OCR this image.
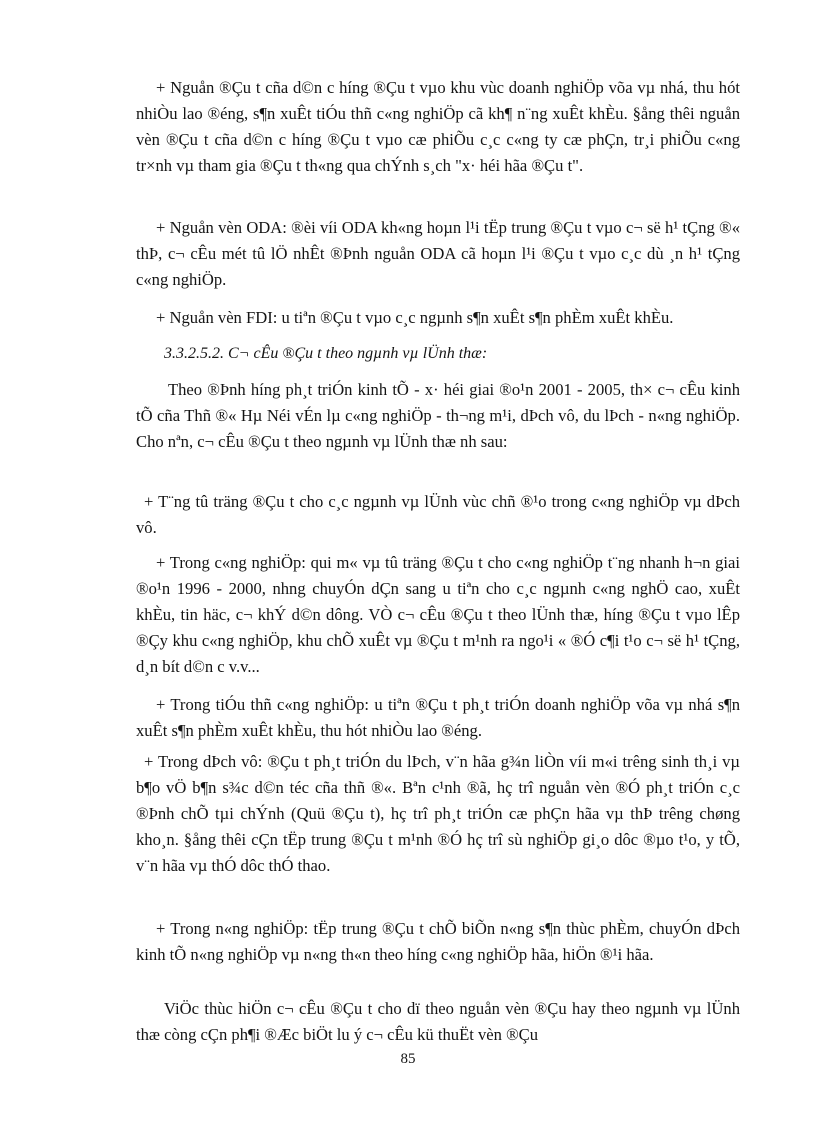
+ Nguån ®Çu t cña d©n c híng ®Çu t vµo khu vùc doanh nghiÖp võa vµ nhá, thu hót nhiÒu lao ®éng, s¶n xuÊt tiÓu thñ c«ng nghiÖp cã kh¶ n¨ng xuÊt khÈu. §ång thêi nguån vèn ®Çu t cña d©n c híng ®Çu t vµo cæ phiÕu c¸c c«ng ty cæ phÇn, tr¸i phiÕu c«ng tr×nh vµ tham gia ®Çu t th«ng qua chÝnh s¸ch "x· héi hãa ®Çu t".

+ Nguån vèn ODA: ®èi víi ODA kh«ng hoµn l¹i tËp trung ®Çu t vµo c¬ së h¹ tÇng ®« thÞ, c¬ cÊu mét tû lÖ nhÊt ®Þnh nguån ODA cã hoµn l¹i ®Çu t vµo c¸c dù ¸n h¹ tÇng c«ng nghiÖp.

+ Nguån vèn FDI: u tiªn ®Çu t vµo c¸c ngµnh s¶n xuÊt s¶n phÈm xuÊt khÈu.

3.3.2.5.2. C¬ cÊu ®Çu t theo ngµnh vµ lÜnh thæ:

Theo ®Þnh híng ph¸t triÓn kinh tÕ - x· héi giai ®o¹n 2001 - 2005, th× c¬ cÊu kinh tÕ cña Thñ ®« Hµ Néi vÉn lµ c«ng nghiÖp - th¬ng m¹i, dÞch vô, du lÞch - n«ng nghiÖp. Cho nªn, c¬ cÊu ®Çu t theo ngµnh vµ lÜnh thæ nh sau:

+ T¨ng tû träng ®Çu t cho c¸c ngµnh vµ lÜnh vùc chñ ®¹o trong c«ng nghiÖp vµ dÞch vô.

+ Trong c«ng nghiÖp: qui m« vµ tû träng ®Çu t cho c«ng nghiÖp t¨ng nhanh h¬n giai ®o¹n 1996 - 2000, nhng chuyÓn dÇn sang u tiªn cho c¸c ngµnh c«ng nghÖ cao, xuÊt khÈu, tin häc, c¬ khÝ d©n dông. VÒ c¬ cÊu ®Çu t theo lÜnh thæ, híng ®Çu t vµo lÊp ®Çy khu c«ng nghiÖp, khu chÕ xuÊt vµ ®Çu t m¹nh ra ngo¹i « ®Ó c¶i t¹o c¬ së h¹ tÇng, d¸n bít d©n c v.v...

+ Trong tiÓu thñ c«ng nghiÖp: u tiªn ®Çu t ph¸t triÓn doanh nghiÖp võa vµ nhá s¶n xuÊt s¶n phÈm xuÊt khÈu, thu hót nhiÒu lao ®éng.

+ Trong dÞch vô: ®Çu t ph¸t triÓn du lÞch, v¨n hãa g¾n liÒn víi m«i trêng sinh th¸i vµ b¶o vÖ b¶n s¾c d©n téc cña thñ ®«. Bªn c¹nh ®ã, hç trî nguån vèn ®Ó ph¸t triÓn c¸c ®Þnh chÕ tµi chÝnh (Quü ®Çu t), hç trî ph¸t triÓn cæ phÇn hãa vµ thÞ trêng chøng kho¸n. §ång thêi cÇn tËp trung ®Çu t m¹nh ®Ó hç trî sù nghiÖp gi¸o dôc ®µo t¹o, y tÕ, v¨n hãa vµ thÓ dôc thÓ thao.

+ Trong n«ng nghiÖp: tËp trung ®Çu t chÕ biÕn n«ng s¶n thùc phÈm, chuyÓn dÞch kinh tÕ n«ng nghiÖp vµ n«ng th«n theo híng c«ng nghiÖp hãa, hiÖn ®¹i hãa.

ViÖc thùc hiÖn c¬ cÊu ®Çu t cho dï theo nguån vèn ®Çu hay theo ngµnh vµ lÜnh thæ còng cÇn ph¶i ®Æc biÖt lu ý c¬ cÊu kü thuËt vèn ®Çu

85
